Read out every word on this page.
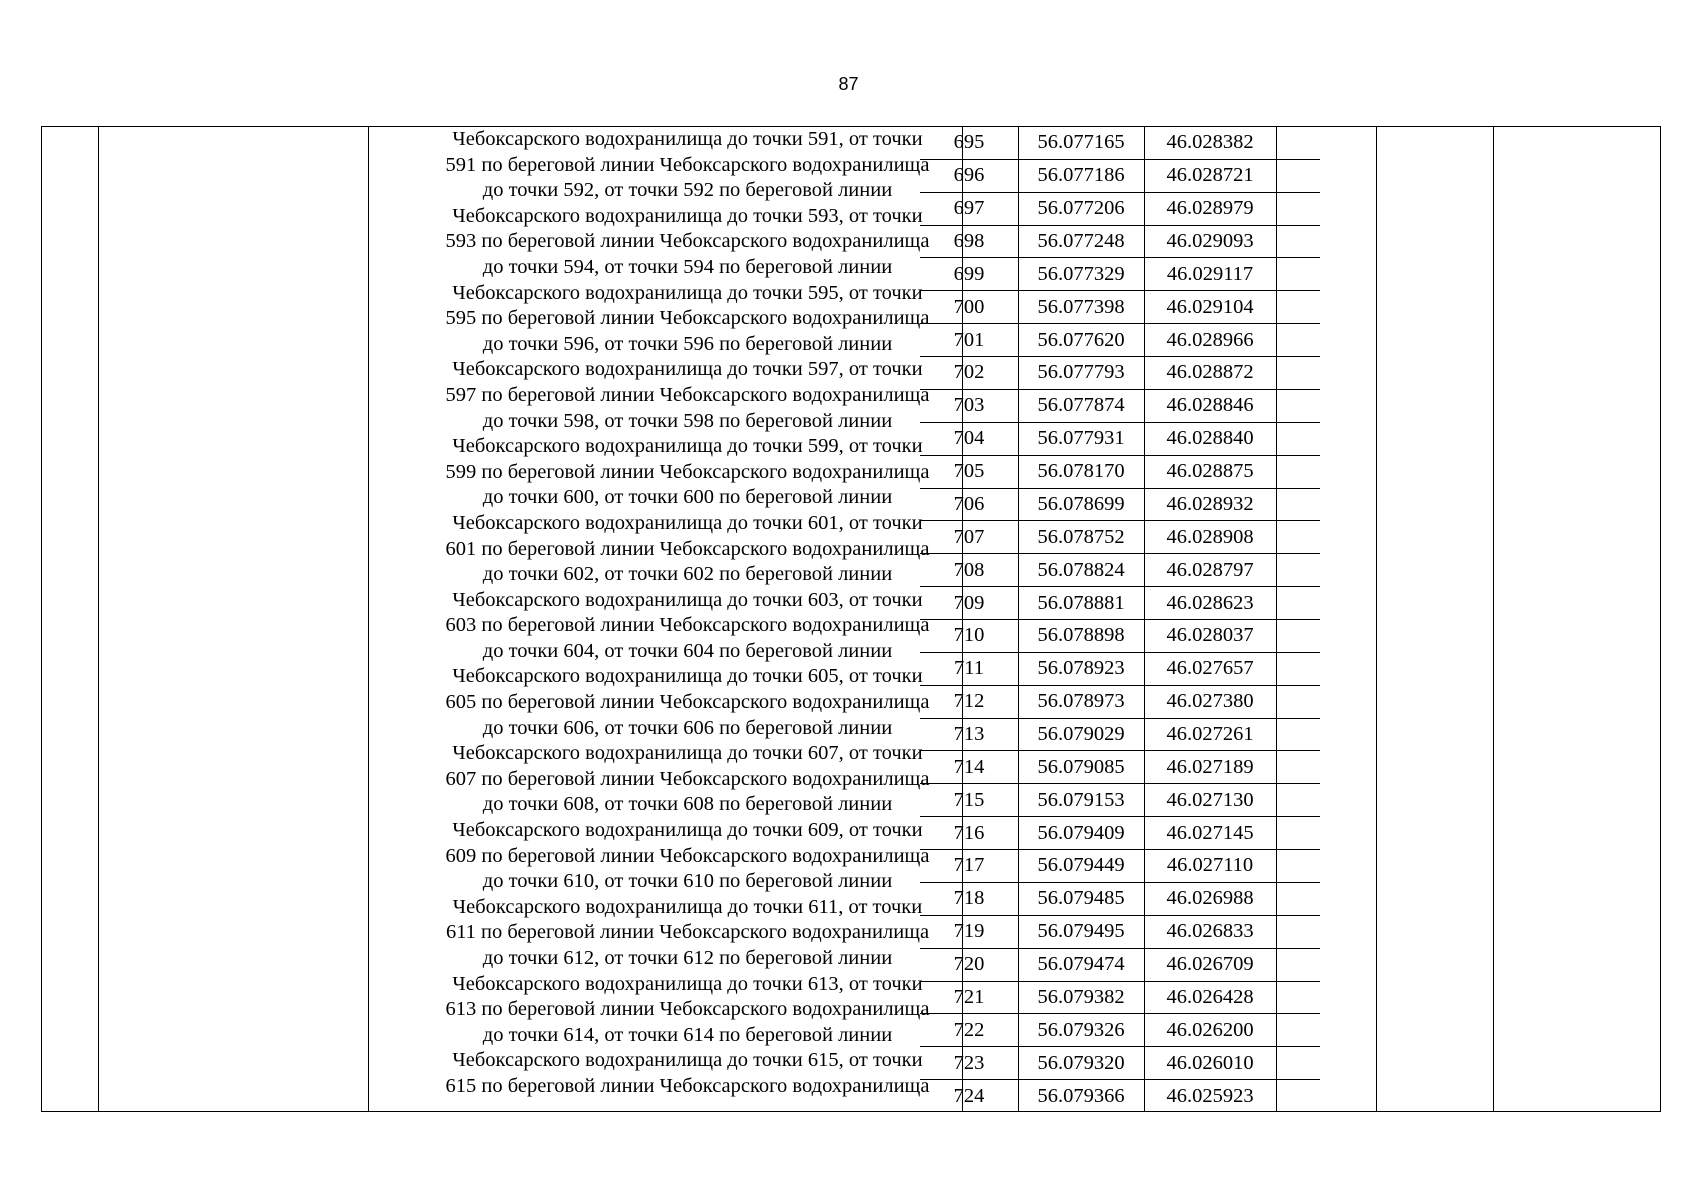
87
Чебоксарского водохранилища до точки 591, от точки
591 по береговой линии Чебоксарского водохранилища
до точки 592, от точки 592 по береговой линии
Чебоксарского водохранилища до точки 593, от точки
593 по береговой линии Чебоксарского водохранилища
до точки 594, от точки 594 по береговой линии
Чебоксарского водохранилища до точки 595, от точки
595 по береговой линии Чебоксарского водохранилища
до точки 596, от точки 596 по береговой линии
Чебоксарского водохранилища до точки 597, от точки
597 по береговой линии Чебоксарского водохранилища
до точки 598, от точки 598 по береговой линии
Чебоксарского водохранилища до точки 599, от точки
599 по береговой линии Чебоксарского водохранилища
до точки 600, от точки 600 по береговой линии
Чебоксарского водохранилища до точки 601, от точки
601 по береговой линии Чебоксарского водохранилища
до точки 602, от точки 602 по береговой линии
Чебоксарского водохранилища до точки 603, от точки
603 по береговой линии Чебоксарского водохранилища
до точки 604, от точки 604 по береговой линии
Чебоксарского водохранилища до точки 605, от точки
605 по береговой линии Чебоксарского водохранилища
до точки 606, от точки 606 по береговой линии
Чебоксарского водохранилища до точки 607, от точки
607 по береговой линии Чебоксарского водохранилища
до точки 608, от точки 608 по береговой линии
Чебоксарского водохранилища до точки 609, от точки
609 по береговой линии Чебоксарского водохранилища
до точки 610, от точки 610 по береговой линии
Чебоксарского водохранилища до точки 611, от точки
611 по береговой линии Чебоксарского водохранилища
до точки 612, от точки 612 по береговой линии
Чебоксарского водохранилища до точки 613, от точки
613 по береговой линии Чебоксарского водохранилища
до точки 614, от точки 614 по береговой линии
Чебоксарского водохранилища до точки 615, от точки
615 по береговой линии Чебоксарского водохранилища
695	56.077165	46.028382
696	56.077186	46.028721
697	56.077206	46.028979
698	56.077248	46.029093
699	56.077329	46.029117
700	56.077398	46.029104
701	56.077620	46.028966
702	56.077793	46.028872
703	56.077874	46.028846
704	56.077931	46.028840
705	56.078170	46.028875
706	56.078699	46.028932
707	56.078752	46.028908
708	56.078824	46.028797
709	56.078881	46.028623
710	56.078898	46.028037
711	56.078923	46.027657
712	56.078973	46.027380
713	56.079029	46.027261
714	56.079085	46.027189
715	56.079153	46.027130
716	56.079409	46.027145
717	56.079449	46.027110
718	56.079485	46.026988
719	56.079495	46.026833
720	56.079474	46.026709
721	56.079382	46.026428
722	56.079326	46.026200
723	56.079320	46.026010
724	56.079366	46.025923
